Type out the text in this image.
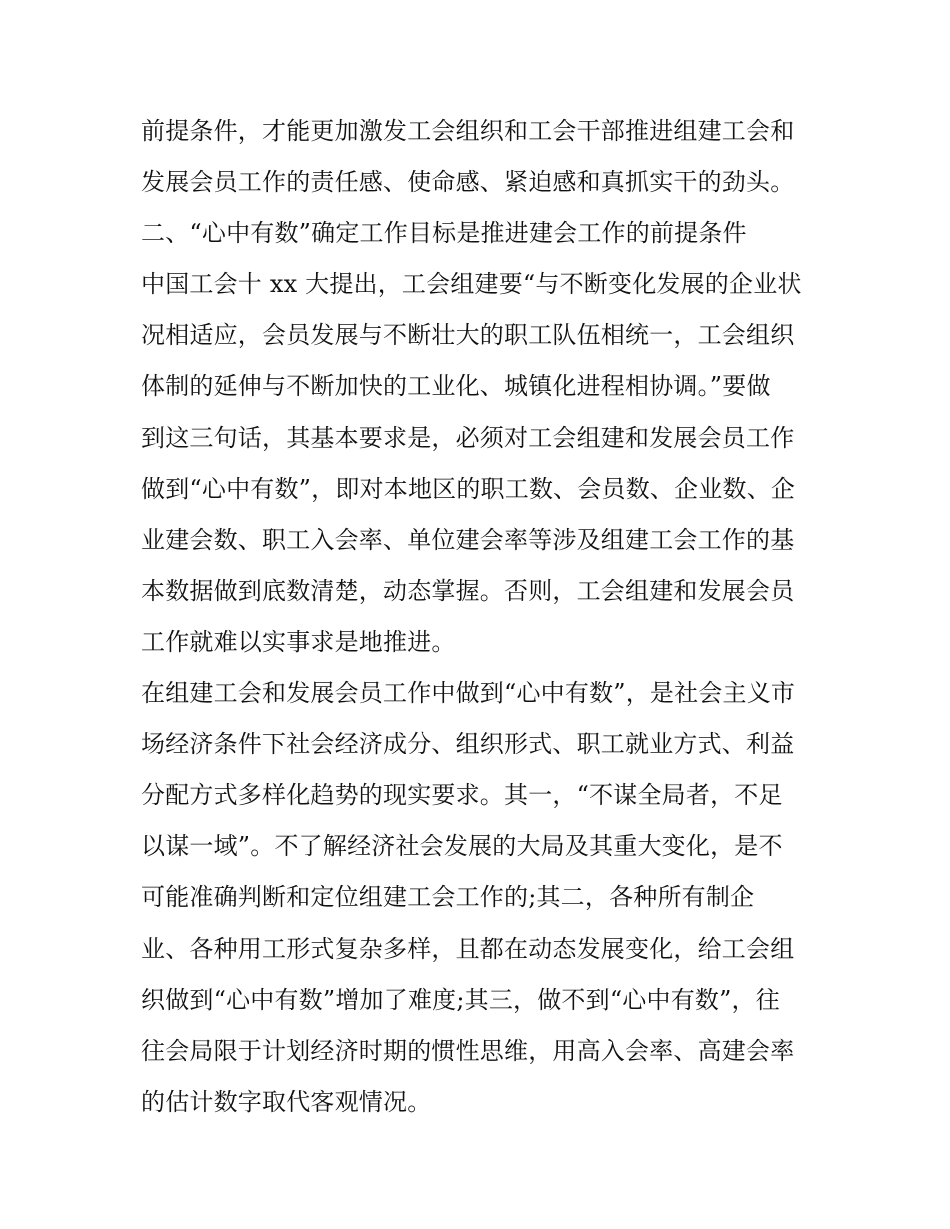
前提条件，才能更加激发工会组织和工会干部推进组建工会和
发展会员工作的责任感、使命感、紧迫感和真抓实干的劲头。
二、“心中有数”确定工作目标是推进建会工作的前提条件
中国工会十 xx 大提出，工会组建要“与不断变化发展的企业状
况相适应，会员发展与不断壮大的职工队伍相统一，工会组织
体制的延伸与不断加快的工业化、城镇化进程相协调。”要做
到这三句话，其基本要求是，必须对工会组建和发展会员工作
做到“心中有数”，即对本地区的职工数、会员数、企业数、企
业建会数、职工入会率、单位建会率等涉及组建工会工作的基
本数据做到底数清楚，动态掌握。否则，工会组建和发展会员
工作就难以实事求是地推进。
在组建工会和发展会员工作中做到“心中有数”，是社会主义市
场经济条件下社会经济成分、组织形式、职工就业方式、利益
分配方式多样化趋势的现实要求。其一，“不谋全局者，不足
以谋一域”。不了解经济社会发展的大局及其重大变化，是不
可能准确判断和定位组建工会工作的;其二，各种所有制企
业、各种用工形式复杂多样，且都在动态发展变化，给工会组
织做到“心中有数”增加了难度;其三，做不到“心中有数”，往
往会局限于计划经济时期的惯性思维，用高入会率、高建会率
的估计数字取代客观情况。
